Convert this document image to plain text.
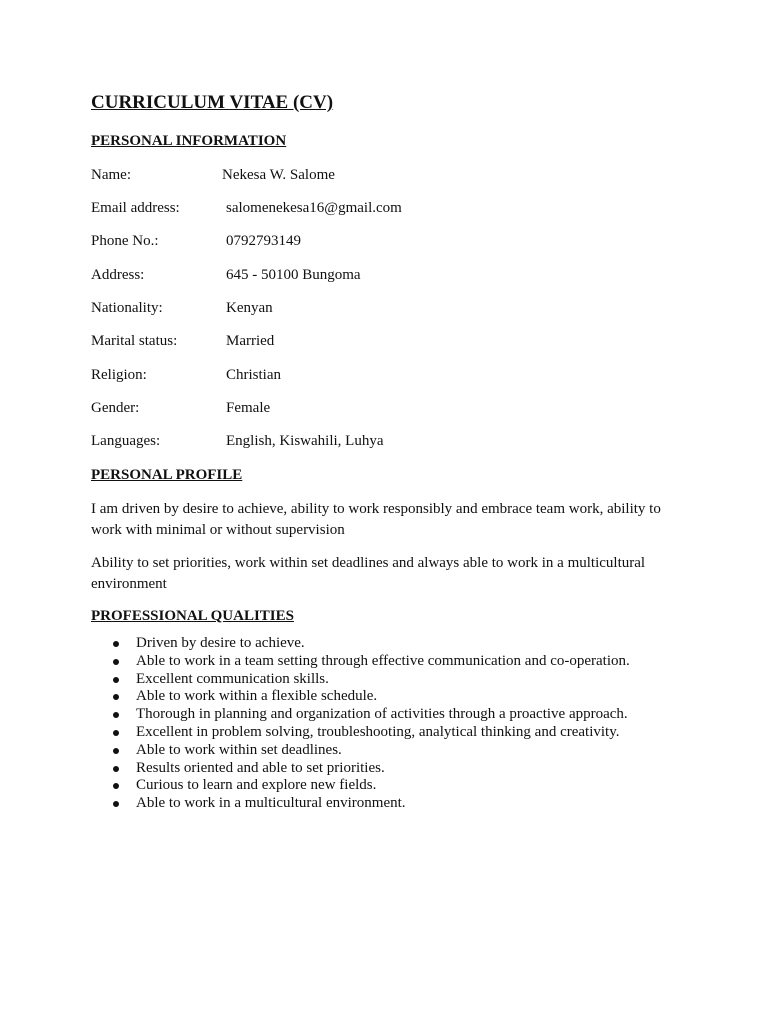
CURRICULUM VITAE (CV)
PERSONAL INFORMATION
Name:	Nekesa W. Salome
Email address:	salomenekesa16@gmail.com
Phone No.:	0792793149
Address:	645 - 50100 Bungoma
Nationality:	Kenyan
Marital status:	Married
Religion:	Christian
Gender:	Female
Languages:	English, Kiswahili, Luhya
PERSONAL PROFILE

I am driven by desire to achieve, ability to work responsibly and embrace team work, ability to work with minimal or without supervision

Ability to set priorities, work within set deadlines and always able to work in a multicultural environment

PROFESSIONAL QUALITIES
Driven by desire to achieve.
Able to work in a team setting through effective communication and co-operation.
Excellent communication skills.
Able to work within a flexible schedule.
Thorough in planning and organization of activities through a proactive approach.
Excellent in problem solving, troubleshooting, analytical thinking and creativity.
Able to work within set deadlines.
Results oriented and able to set priorities.
Curious to learn and explore new fields.
Able to work in a multicultural environment.
